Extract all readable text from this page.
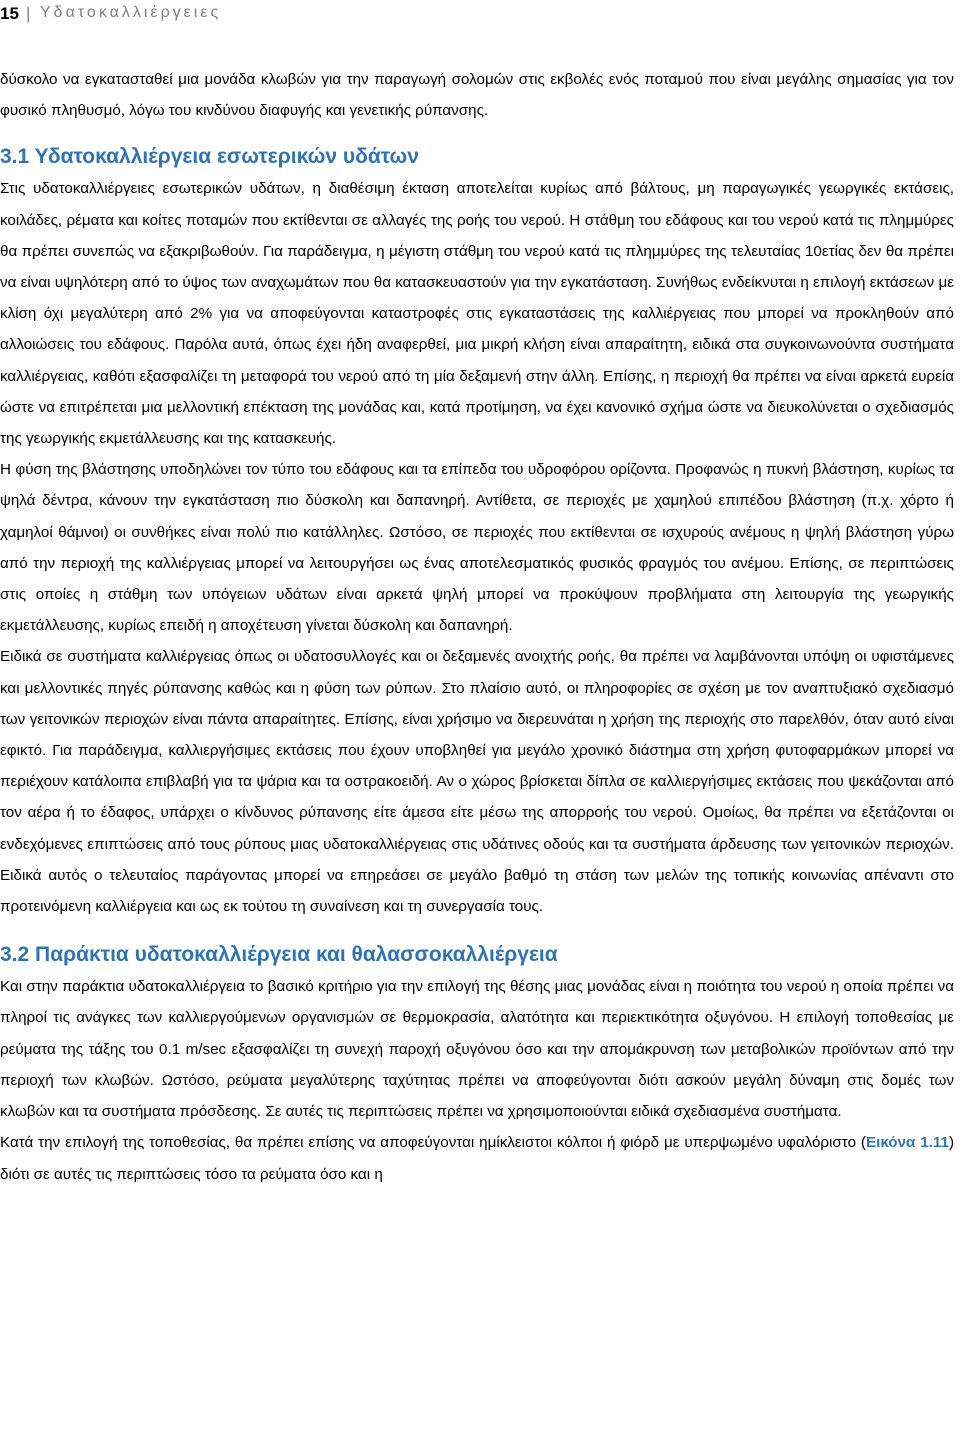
15 | Υδατοκαλλιέργειες

δύσκολο να εγκατασταθεί μια μονάδα κλωβών για την παραγωγή σολομών στις εκβολές ενός ποταμού που είναι μεγάλης σημασίας για τον φυσικό πληθυσμό, λόγω του κινδύνου διαφυγής και γενετικής ρύπανσης.

3.1 Υδατοκαλλιέργεια εσωτερικών υδάτων

Στις υδατοκαλλιέργειες εσωτερικών υδάτων, η διαθέσιμη έκταση αποτελείται κυρίως από βάλτους, μη παραγωγικές γεωργικές εκτάσεις, κοιλάδες, ρέματα και κοίτες ποταμών που εκτίθενται σε αλλαγές της ροής του νερού. Η στάθμη του εδάφους και του νερού κατά τις πλημμύρες θα πρέπει συνεπώς να εξακριβωθούν. Για παράδειγμα, η μέγιστη στάθμη του νερού κατά τις πλημμύρες της τελευταίας 10ετίας δεν θα πρέπει να είναι υψηλότερη από το ύψος των αναχωμάτων που θα κατασκευαστούν για την εγκατάσταση. Συνήθως ενδείκνυται η επιλογή εκτάσεων με κλίση όχι μεγαλύτερη από 2% για να αποφεύγονται καταστροφές στις εγκαταστάσεις της καλλιέργειας που μπορεί να προκληθούν από αλλοιώσεις του εδάφους. Παρόλα αυτά, όπως έχει ήδη αναφερθεί, μια μικρή κλήση είναι απαραίτητη, ειδικά στα συγκοινωνούντα συστήματα καλλιέργειας, καθότι εξασφαλίζει τη μεταφορά του νερού από τη μία δεξαμενή στην άλλη. Επίσης, η περιοχή θα πρέπει να είναι αρκετά ευρεία ώστε να επιτρέπεται μια μελλοντική επέκταση της μονάδας και, κατά προτίμηση, να έχει κανονικό σχήμα ώστε να διευκολύνεται ο σχεδιασμός της γεωργικής εκμετάλλευσης και της κατασκευής.

Η φύση της βλάστησης υποδηλώνει τον τύπο του εδάφους και τα επίπεδα του υδροφόρου ορίζοντα. Προφανώς η πυκνή βλάστηση, κυρίως τα ψηλά δέντρα, κάνουν την εγκατάσταση πιο δύσκολη και δαπανηρή. Αντίθετα, σε περιοχές με χαμηλού επιπέδου βλάστηση (π.χ. χόρτο ή χαμηλοί θάμνοι) οι συνθήκες είναι πολύ πιο κατάλληλες. Ωστόσο, σε περιοχές που εκτίθενται σε ισχυρούς ανέμους η ψηλή βλάστηση γύρω από την περιοχή της καλλιέργειας μπορεί να λειτουργήσει ως ένας αποτελεσματικός φυσικός φραγμός του ανέμου. Επίσης, σε περιπτώσεις στις οποίες η στάθμη των υπόγειων υδάτων είναι αρκετά ψηλή μπορεί να προκύψουν προβλήματα στη λειτουργία της γεωργικής εκμετάλλευσης, κυρίως επειδή η αποχέτευση γίνεται δύσκολη και δαπανηρή.

Ειδικά σε συστήματα καλλιέργειας όπως οι υδατοσυλλογές και οι δεξαμενές ανοιχτής ροής, θα πρέπει να λαμβάνονται υπόψη οι υφιστάμενες και μελλοντικές πηγές ρύπανσης καθώς και η φύση των ρύπων. Στο πλαίσιο αυτό, οι πληροφορίες σε σχέση με τον αναπτυξιακό σχεδιασμό των γειτονικών περιοχών είναι πάντα απαραίτητες. Επίσης, είναι χρήσιμο να διερευνάται η χρήση της περιοχής στο παρελθόν, όταν αυτό είναι εφικτό. Για παράδειγμα, καλλιεργήσιμες εκτάσεις που έχουν υποβληθεί για μεγάλο χρονικό διάστημα στη χρήση φυτοφαρμάκων μπορεί να περιέχουν κατάλοιπα επιβλαβή για τα ψάρια και τα οστρακοειδή. Αν ο χώρος βρίσκεται δίπλα σε καλλιεργήσιμες εκτάσεις που ψεκάζονται από τον αέρα ή το έδαφος, υπάρχει ο κίνδυνος ρύπανσης είτε άμεσα είτε μέσω της απορροής του νερού. Ομοίως, θα πρέπει να εξετάζονται οι ενδεχόμενες επιπτώσεις από τους ρύπους μιας υδατοκαλλιέργειας στις υδάτινες οδούς και τα συστήματα άρδευσης των γειτονικών περιοχών. Ειδικά αυτός ο τελευταίος παράγοντας μπορεί να επηρεάσει σε μεγάλο βαθμό τη στάση των μελών της τοπικής κοινωνίας απέναντι στο προτεινόμενη καλλιέργεια και ως εκ τούτου τη συναίνεση και τη συνεργασία τους.

3.2 Παράκτια υδατοκαλλιέργεια και θαλασσοκαλλιέργεια

Και στην παράκτια υδατοκαλλιέργεια το βασικό κριτήριο για την επιλογή της θέσης μιας μονάδας είναι η ποιότητα του νερού η οποία πρέπει να πληροί τις ανάγκες των καλλιεργούμενων οργανισμών σε θερμοκρασία, αλατότητα και περιεκτικότητα οξυγόνου. Η επιλογή τοποθεσίας με ρεύματα της τάξης του 0.1 m/sec εξασφαλίζει τη συνεχή παροχή οξυγόνου όσο και την απομάκρυνση των μεταβολικών προϊόντων από την περιοχή των κλωβών. Ωστόσο, ρεύματα μεγαλύτερης ταχύτητας πρέπει να αποφεύγονται διότι ασκούν μεγάλη δύναμη στις δομές των κλωβών και τα συστήματα πρόσδεσης. Σε αυτές τις περιπτώσεις πρέπει να χρησιμοποιούνται ειδικά σχεδιασμένα συστήματα.

Κατά την επιλογή της τοποθεσίας, θα πρέπει επίσης να αποφεύγονται ημίκλειστοι κόλποι ή φιόρδ με υπερψωμένο υφαλόριστο (Εικόνα 1.11) διότι σε αυτές τις περιπτώσεις τόσο τα ρεύματα όσο και η
